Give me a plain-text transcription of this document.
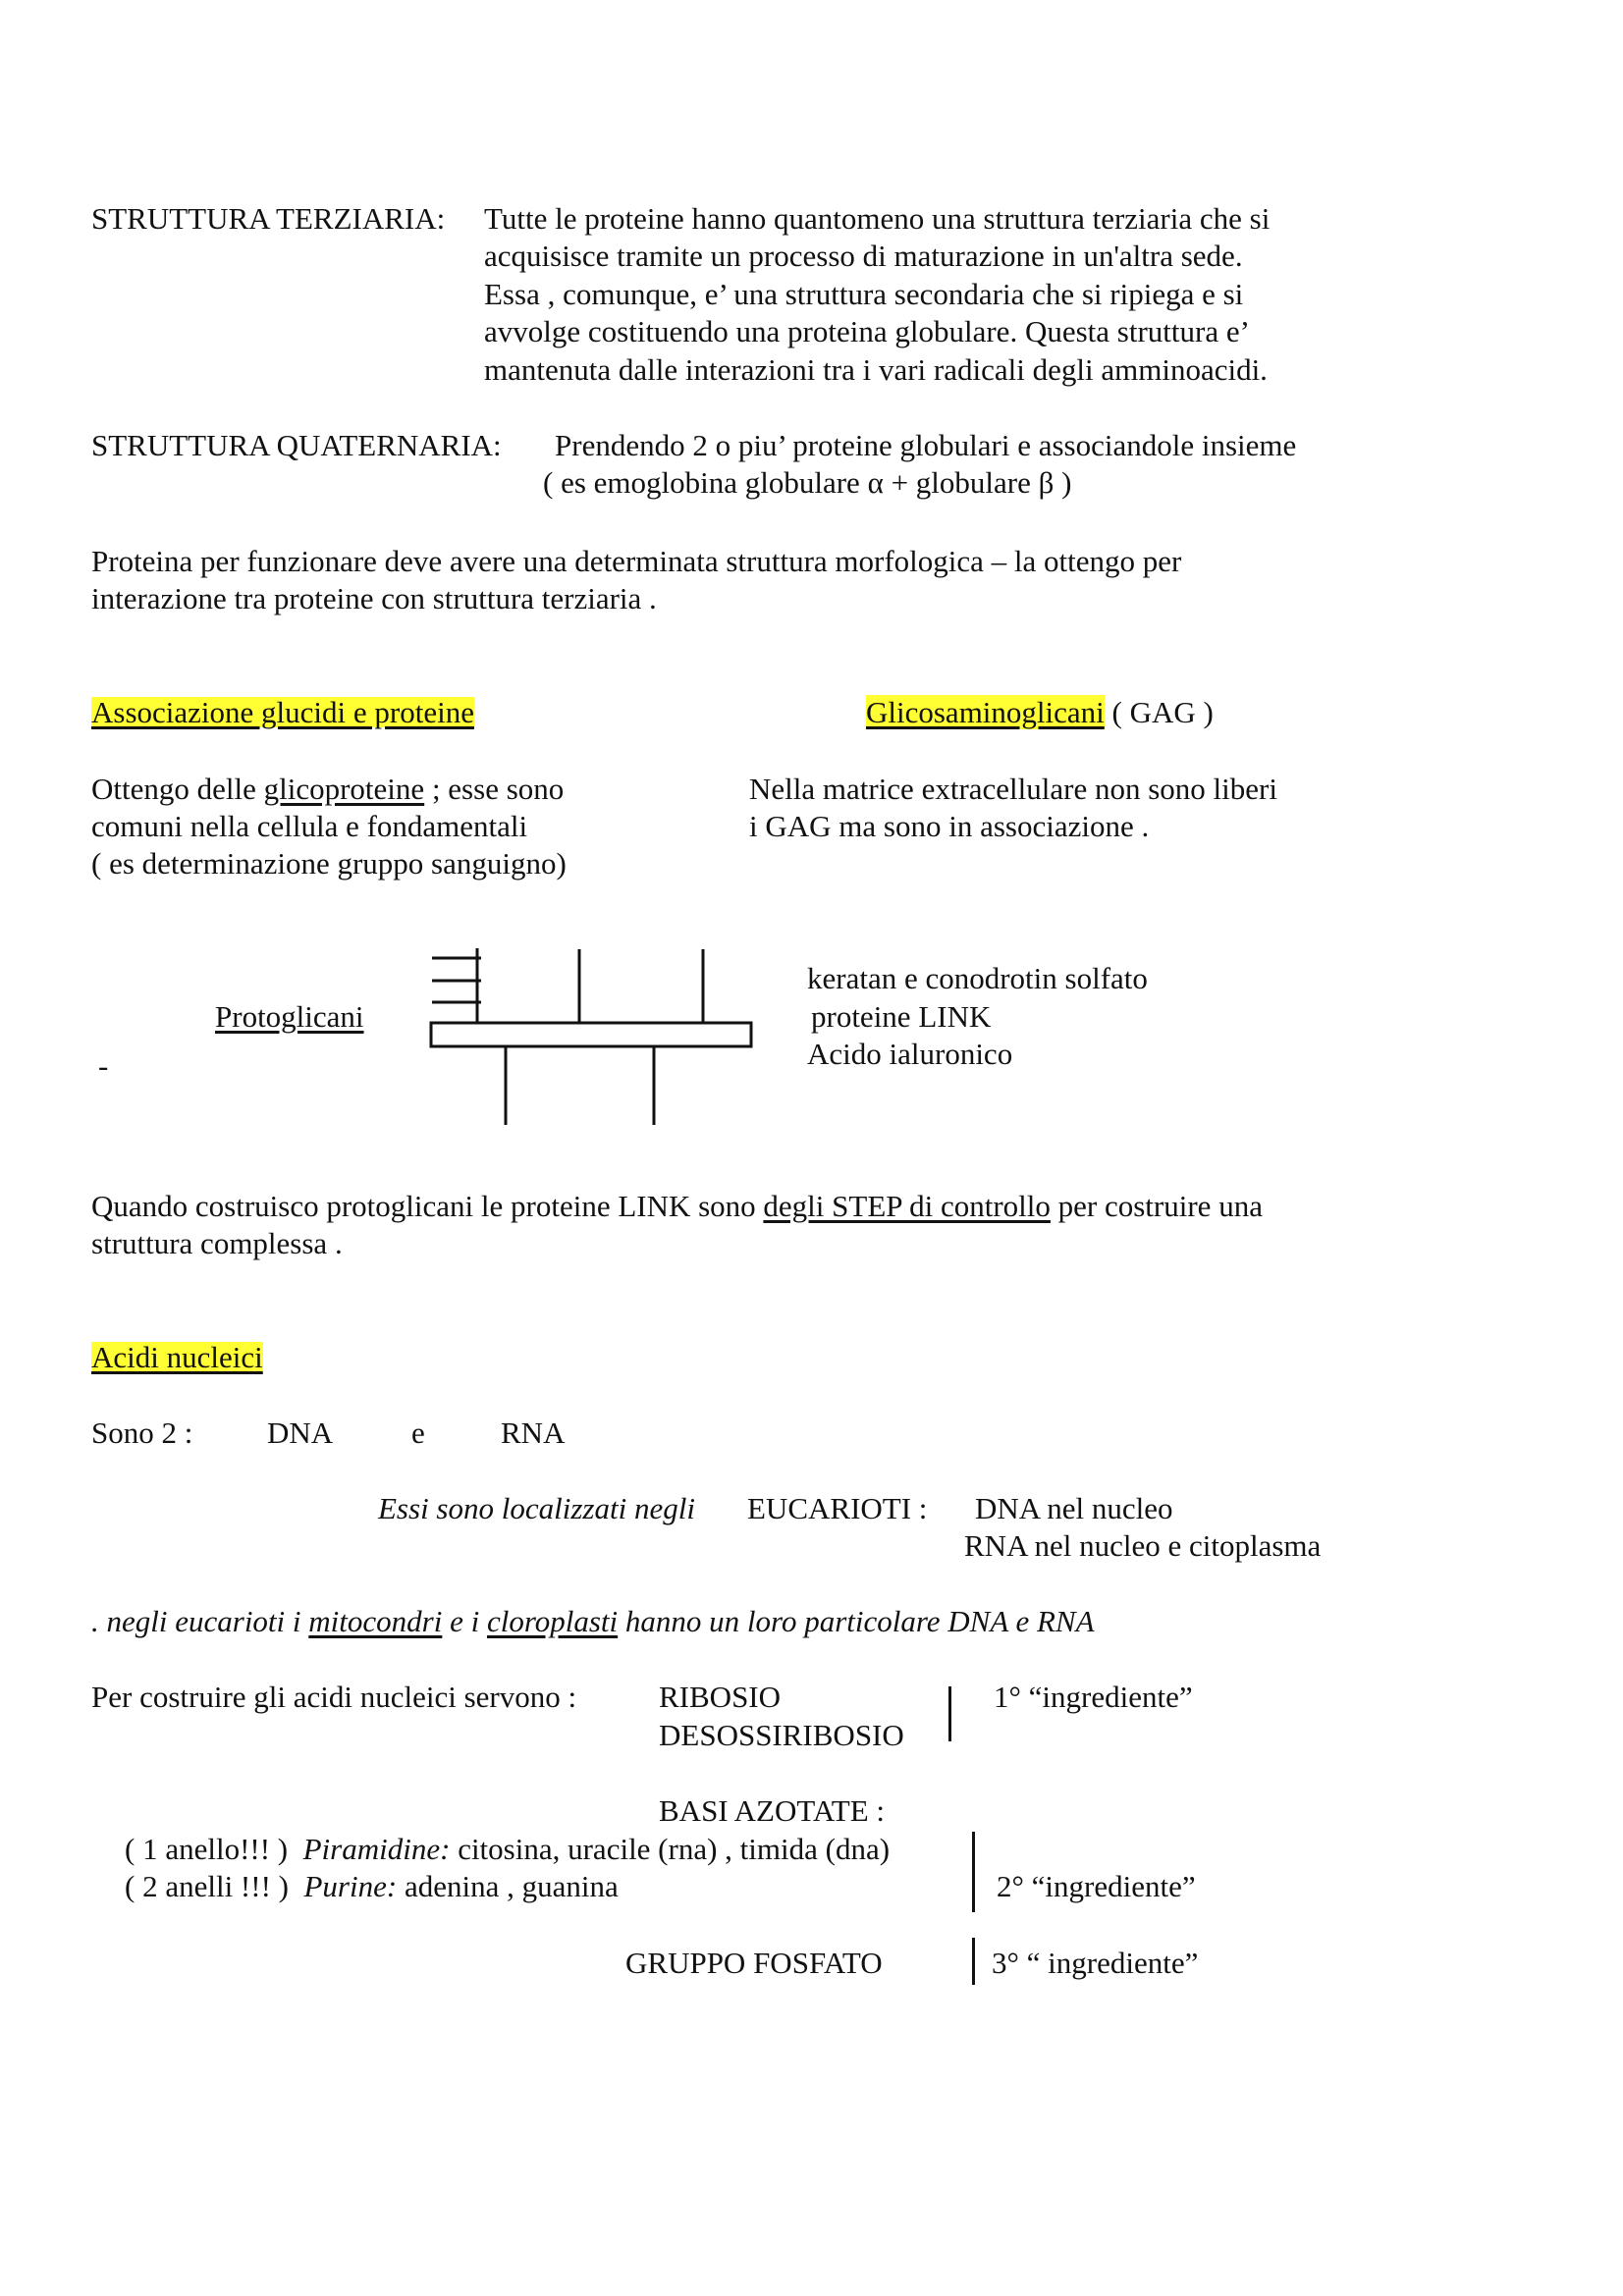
STRUTTURA TERZIARIA: Tutte le proteine hanno quantomeno una struttura terziaria che si
acquisisce tramite un processo di maturazione in un'altra sede.
Essa , comunque, e’ una struttura secondaria che si ripiega e si
avvolge costituendo una proteina globulare. Questa struttura e’
mantenuta dalle interazioni tra i vari radicali degli amminoacidi.
STRUTTURA QUATERNARIA: Prendendo 2 o piu’ proteine globulari e associandole insieme
( es emoglobina globulare α + globulare β )
Proteina per funzionare deve avere una determinata struttura morfologica – la ottengo per
interazione tra proteine con struttura terziaria .
Associazione glucidi e proteine
Ottengo delle glicoproteine ; esse sono
comuni nella cellula e fondamentali
( es determinazione gruppo sanguigno)
Glicosaminoglicani ( GAG )
Nella matrice extracellulare non sono liberi
i GAG ma sono in associazione .
Protoglicani
-
keratan e conodrotin solfato
proteine LINK
Acido ialuronico
Quando costruisco protoglicani le proteine LINK sono degli STEP di controllo per costruire una
struttura complessa .
Acidi nucleici
Sono 2 : DNA	e RNA
Essi sono localizzati negli EUCARIOTI : DNA nel nucleo
RNA nel nucleo e citoplasma
. negli eucarioti i mitocondri e i cloroplasti hanno un loro particolare DNA e RNA
Per costruire gli acidi nucleici servono :	RIBOSIO
DESOSSIRIBOSIO
1° “ingrediente”
BASI AZOTATE :
( 1 anello!!! ) Piramidine: citosina, uracile (rna) , timida (dna)
( 2 anelli !!! ) Purine: adenina , guanina	2° “ingrediente”
GRUPPO FOSFATO	3° “ ingrediente”
